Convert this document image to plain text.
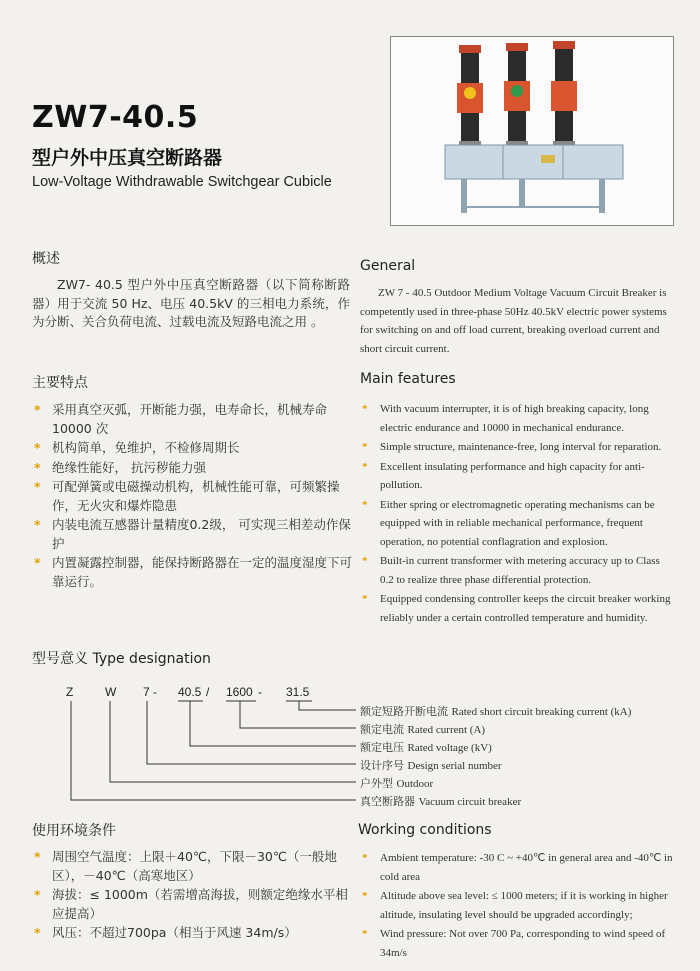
ZW7-40.5
型户外中压真空断路器
Low-Voltage Withdrawable Switchgear Cubicle
概述
ZW7- 40.5 型户外中压真空断路器（以下简称断路器）用于交流 50 Hz、电压 40.5kV 的三相电力系统，作为分断、关合负荷电流、过载电流及短路电流之用 。
General
ZW 7 - 40.5 Outdoor Medium Voltage Vacuum Circuit Breaker is competently used in three-phase 50Hz 40.5kV electric power systems for switching on and off load current, breaking overload current and short circuit current.
主要特点
* 采用真空灭弧，开断能力强，电寿命长，机械寿命 10000 次
* 机构简单，免维护，不检修周期长
* 绝缘性能好， 抗污秽能力强
* 可配弹簧或电磁操动机构，机械性能可靠，可频繁操作，无火灾和爆炸隐患
* 内装电流互感器计量精度0.2级， 可实现三相差动作保护
* 内置凝露控制器，能保持断路器在一定的温度湿度下可靠运行。
Main features
* With vacuum interrupter, it is of high breaking capacity, long electric endurance and 10000 in mechanical endurance.
* Simple structure, maintenance-free, long interval for reparation.
* Excellent insulating performance and high capacity for anti-pollution.
* Either spring or electromagnetic operating mechanisms can be equipped with in reliable mechanical performance, frequent operation, no potential conflagration and explosion.
* Built-in current transformer with metering accuracy up to Class 0.2 to realize three phase differential protection.
* Equipped condensing controller keeps the circuit breaker working reliably under a certain controlled temperature and humidity.
型号意义 Type designation
Z	W 7 - 40.5 / 1600 - 31.5
额定短路开断电流 Rated short circuit breaking current (kA)
额定电流 Rated current (A)
额定电压 Rated voltage (kV)
设计序号 Design serial number
户外型 Outdoor
真空断路器 Vacuum circuit breaker
使用环境条件
* 周围空气温度：上限＋40℃，下限－30℃（一般地区），－40℃（高寒地区）
* 海拔：≤ 1000m（若需增高海拔，则额定绝缘水平相应提高）
* 风压：不超过700pa（相当于风速 34m/s）
Working conditions
* Ambient temperature: -30 C ~ +40℃ in general area and -40℃ in cold area
* Altitude above sea level: ≤ 1000 meters; if it is working in higher altitude, insulating level should be upgraded accordingly;
* Wind pressure: Not over 700 Pa, corresponding to wind speed of 34m/s
